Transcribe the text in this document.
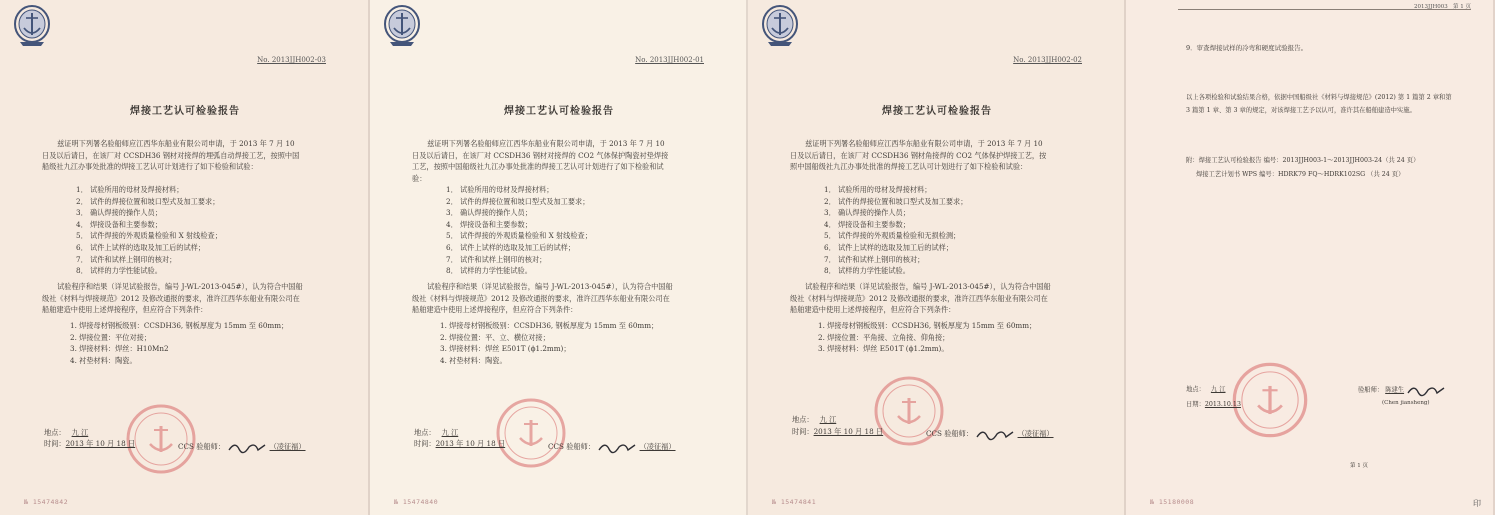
No. 2013JJH002-03
焊接工艺认可检验报告

兹证明下列署名验船师应江西华东船业有限公司申请，于 2013 年 7 月 10 日及以后请日，在该厂对 CCSDH36 钢材对接焊的埋弧自动焊接工艺，按照中国船级社九江办事处批准的焊接工艺认可计划进行了如下检验和试验：

1． 试验所用的母材及焊接材料；
2． 试件的焊接位置和坡口型式及加工要求；
3． 确认焊接的操作人员；
4． 焊接设备和主要参数；
5． 试件焊接的外观质量检验和 X 射线检查；
6． 试件上试样的选取及加工后的试样；
7． 试件和试样上钢印的核对；
8． 试样的力学性能试验。

试验程序和结果（详见试验报告，编号 J-WL-2013-045#），认为符合中国船级社《材料与焊接规范》2012 及修改通报的要求，准许江西华东船业有限公司在船舶建造中使用上述焊接程序，但应符合下列条件：

1. 焊接母材钢板级别：CCSDH36, 钢板厚度为 15mm 至 60mm；
2. 焊接位置：平位对接；
3. 焊接材料：焊丝：H10Mn2
4. 衬垫材料：陶瓷。
地点： 九 江
时间：2013 年 10 月 18 日	CCS 验船师：	（凌征福）
№ 15474842
No. 2013JJH002-01
焊接工艺认可检验报告

兹证明下列署名验船师应江西华东船业有限公司申请，于 2013 年 7 月 10 日及以后请日，在该厂对 CCSDH36 钢材对接焊的 CO2 气体保护陶瓷衬垫焊接工艺，按照中国船级社九江办事处批准的焊接工艺认可计划进行了如下检验和试验：

1． 试验所用的母材及焊接材料；
2． 试件的焊接位置和坡口型式及加工要求；
3． 确认焊接的操作人员；
4． 焊接设备和主要参数；
5． 试件焊接的外观质量检验和 X 射线检查；
6． 试件上试样的选取及加工后的试样；
7． 试件和试样上钢印的核对；
8． 试样的力学性能试验。

试验程序和结果（详见试验报告，编号 J-WL-2013-045#），认为符合中国船级社《材料与焊接规范》2012 及修改通报的要求，准许江西华东船业有限公司在船舶建造中使用上述焊接程序，但应符合下列条件：

1. 焊接母材钢板级别：CCSDH36, 钢板厚度为 15mm 至 60mm；
2. 焊接位置：平、立、横位对接；
3. 焊接材料：焊丝 E501T (ϕ1.2mm)；
4. 衬垫材料：陶瓷。
地点： 九 江
时间：2013 年 10 月 18 日	CCS 验船师：	（凌征福）
№ 15474840
No. 2013JJH002-02
焊接工艺认可检验报告

兹证明下列署名验船师应江西华东船业有限公司申请，于 2013 年 7 月 10 日及以后请日，在该厂对 CCSDH36 钢材角接焊的 CO2 气体保护焊接工艺，按照中国船级社九江办事处批准的焊接工艺认可计划进行了如下检验和试验：

1． 试验所用的母材及焊接材料；
2． 试件的焊接位置和坡口型式及加工要求；
3． 确认焊接的操作人员；
4． 焊接设备和主要参数；
5． 试件焊接的外观质量检验和无损检测；
6． 试件上试样的选取及加工后的试样；
7． 试件和试样上钢印的核对；
8． 试样的力学性能试验。

试验程序和结果（详见试验报告，编号 J-WL-2013-045#），认为符合中国船级社《材料与焊接规范》2012 及修改通报的要求，准许江西华东船业有限公司在船舶建造中使用上述焊接程序，但应符合下列条件：

1. 焊接母材钢板级别：CCSDH36, 钢板厚度为 15mm 至 60mm；
2. 焊接位置：平角接、立角接、仰角接；
3. 焊接材料：焊丝 E501T (ϕ1.2mm)。
地点： 九 江
时间：2013 年 10 月 18 日	CCS 验船师：	（凌征福）
№ 15474841
2013JJH003 第 1 页
9．审查焊接试样的冷弯和硬度试验报告。

以上各项检验和试验结果合格，依据中国船级社《材料与焊接规范》(2012) 第 1 篇第 2 章和第 3 篇第 1 章、第 3 章的规定，对该焊接工艺予以认可，准许其在船舶建造中实施。

附：焊接工艺认可检验报告 编号：2013JJH003-1～2013JJH003-24（共 24 页）
焊接工艺计划书 WPS 编号：HDRK79 FQ～HDRK102SG （共 24 页）
地点： 九 江
日期：2013.10.13
验船师： 陈建生
(Chen jiansheng)
第 1 页
№ 15180008	印
